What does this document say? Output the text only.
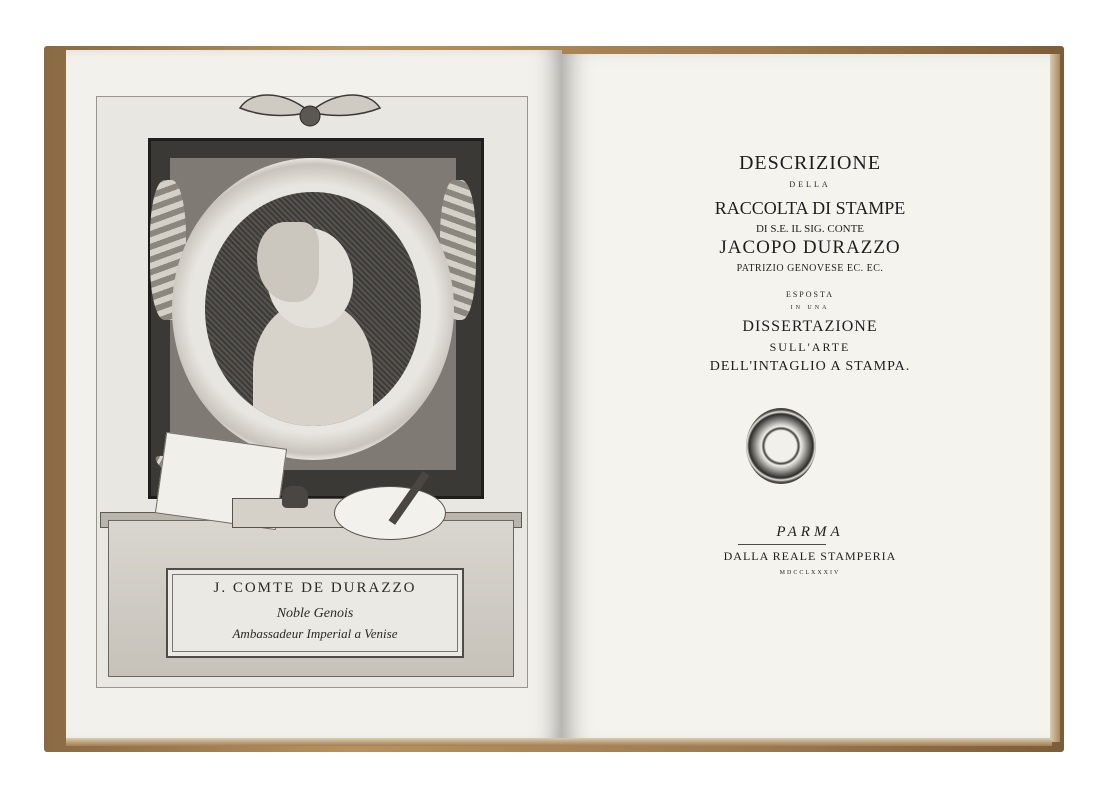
J. COMTE DE DURAZZO
Noble Genois
Ambassadeur Imperial a Venise
DESCRIZIONE
DELLA
RACCOLTA DI STAMPE
DI S.E. IL SIG. CONTE
JACOPO DURAZZO
PATRIZIO GENOVESE EC. EC.
ESPOSTA
IN UNA
DISSERTAZIONE
SULL'ARTE
DELL'INTAGLIO A STAMPA.
PARMA
DALLA REALE STAMPERIA
MDCCLXXXIV
